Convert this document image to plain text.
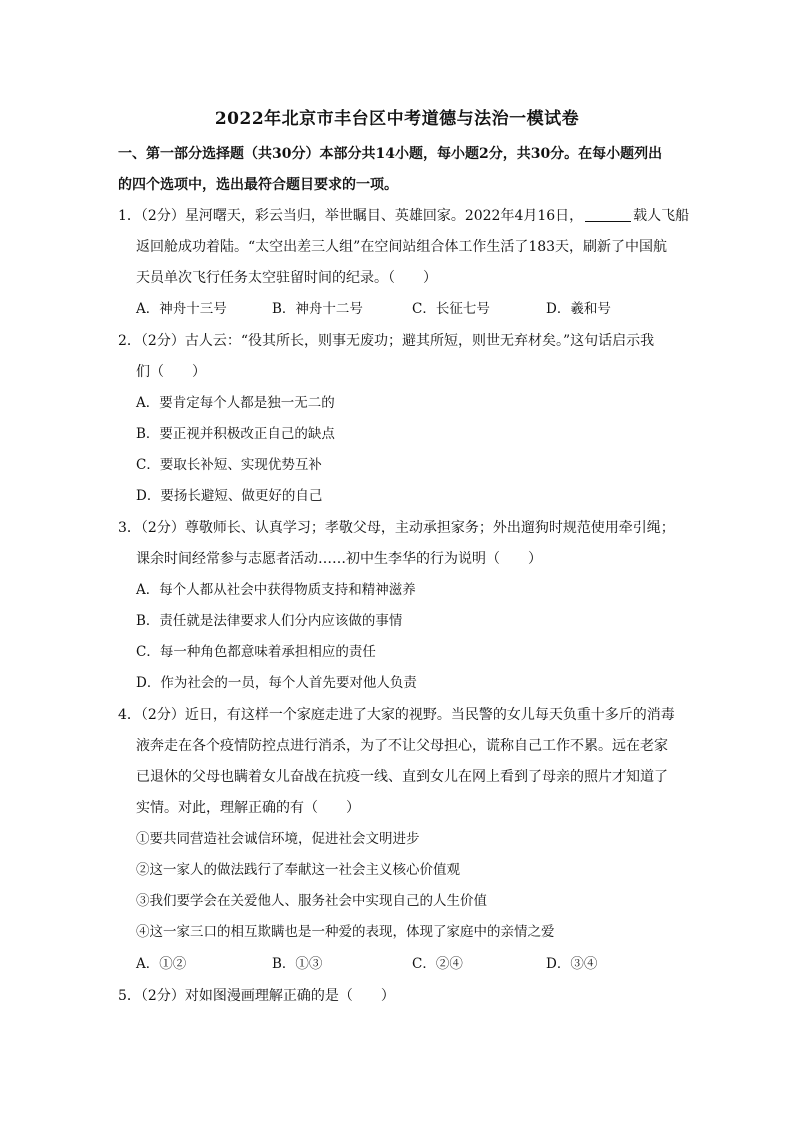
2022年北京市丰台区中考道德与法治一模试卷
一、第一部分选择题（共30分）本部分共14小题，每小题2分，共30分。在每小题列出
的四个选项中，选出最符合题目要求的一项。
1．（2分）星河曙天，彩云当归，举世瞩目、英雄回家。2022年4月16日，	载人飞船
返回舱成功着陆。“太空出差三人组”在空间站组合体工作生活了183天，刷新了中国航
天员单次飞行任务太空驻留时间的纪录。（　　）
A．神舟十三号	B．神舟十二号	C．长征七号	D．羲和号
2．（2分）古人云：“役其所长，则事无废功；避其所短，则世无弃材矣。”这句话启示我
们（　　）
A．要肯定每个人都是独一无二的
B．要正视并积极改正自己的缺点
C．要取长补短、实现优势互补
D．要扬长避短、做更好的自己
3．（2分）尊敬师长、认真学习；孝敬父母，主动承担家务；外出遛狗时规范使用牵引绳；
课余时间经常参与志愿者活动……初中生李华的行为说明（　　）
A．每个人都从社会中获得物质支持和精神滋养
B．责任就是法律要求人们分内应该做的事情
C．每一种角色都意味着承担相应的责任
D．作为社会的一员，每个人首先要对他人负责
4．（2分）近日，有这样一个家庭走进了大家的视野。当民警的女儿每天负重十多斤的消毒
液奔走在各个疫情防控点进行消杀，为了不让父母担心，谎称自己工作不累。远在老家
已退休的父母也瞒着女儿奋战在抗疫一线、直到女儿在网上看到了母亲的照片才知道了
实情。对此，理解正确的有（　　）
①要共同营造社会诚信环境，促进社会文明进步
②这一家人的做法践行了奉献这一社会主义核心价值观
③我们要学会在关爱他人、服务社会中实现自己的人生价值
④这一家三口的相互欺瞒也是一种爱的表现，体现了家庭中的亲情之爱
A．①②	B．①③	C．②④	D．③④
5．（2分）对如图漫画理解正确的是（　　）
